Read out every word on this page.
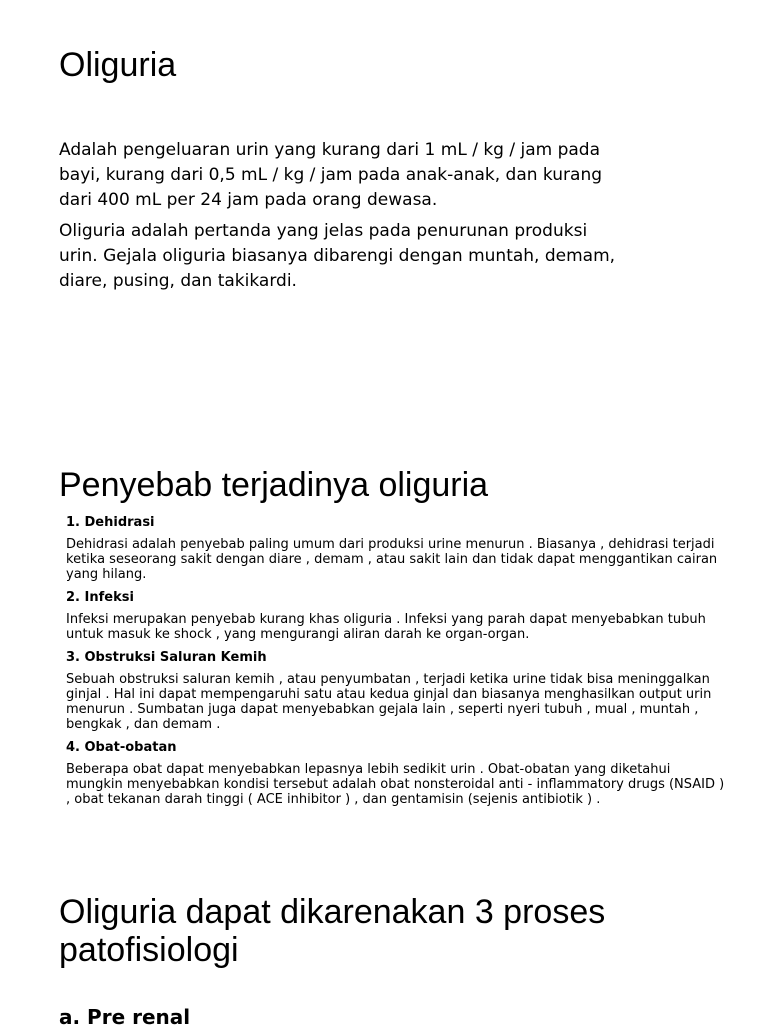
Oliguria

Adalah pengeluaran urin yang kurang dari 1 mL / kg / jam pada bayi, kurang dari 0,5 mL / kg / jam pada anak-anak, dan kurang dari 400 mL per 24 jam pada orang dewasa.

Oliguria adalah pertanda yang jelas pada penurunan produksi urin. Gejala oliguria biasanya dibarengi dengan muntah, demam, diare, pusing, dan takikardi.

Penyebab terjadinya oliguria

1. Dehidrasi

Dehidrasi adalah penyebab paling umum dari produksi urine menurun . Biasanya , dehidrasi terjadi ketika seseorang sakit dengan diare , demam , atau sakit lain dan tidak dapat menggantikan cairan yang hilang.

2. Infeksi

Infeksi merupakan penyebab kurang khas oliguria . Infeksi yang parah dapat menyebabkan tubuh untuk masuk ke shock , yang mengurangi aliran darah ke organ-organ.

3. Obstruksi Saluran Kemih

Sebuah obstruksi saluran kemih , atau penyumbatan , terjadi ketika urine tidak bisa meninggalkan ginjal . Hal ini dapat mempengaruhi satu atau kedua ginjal dan biasanya menghasilkan output urin menurun . Sumbatan juga dapat menyebabkan gejala lain , seperti nyeri tubuh , mual , muntah , bengkak , dan demam .

4. Obat-obatan

Beberapa obat dapat menyebabkan lepasnya lebih sedikit urin . Obat-obatan yang diketahui mungkin menyebabkan kondisi tersebut adalah obat nonsteroidal anti - inflammatory drugs (NSAID ) , obat tekanan darah tinggi ( ACE inhibitor ) , dan gentamisin (sejenis antibiotik ) .

Oliguria dapat dikarenakan 3 proses patofisiologi
a. Pre renal
